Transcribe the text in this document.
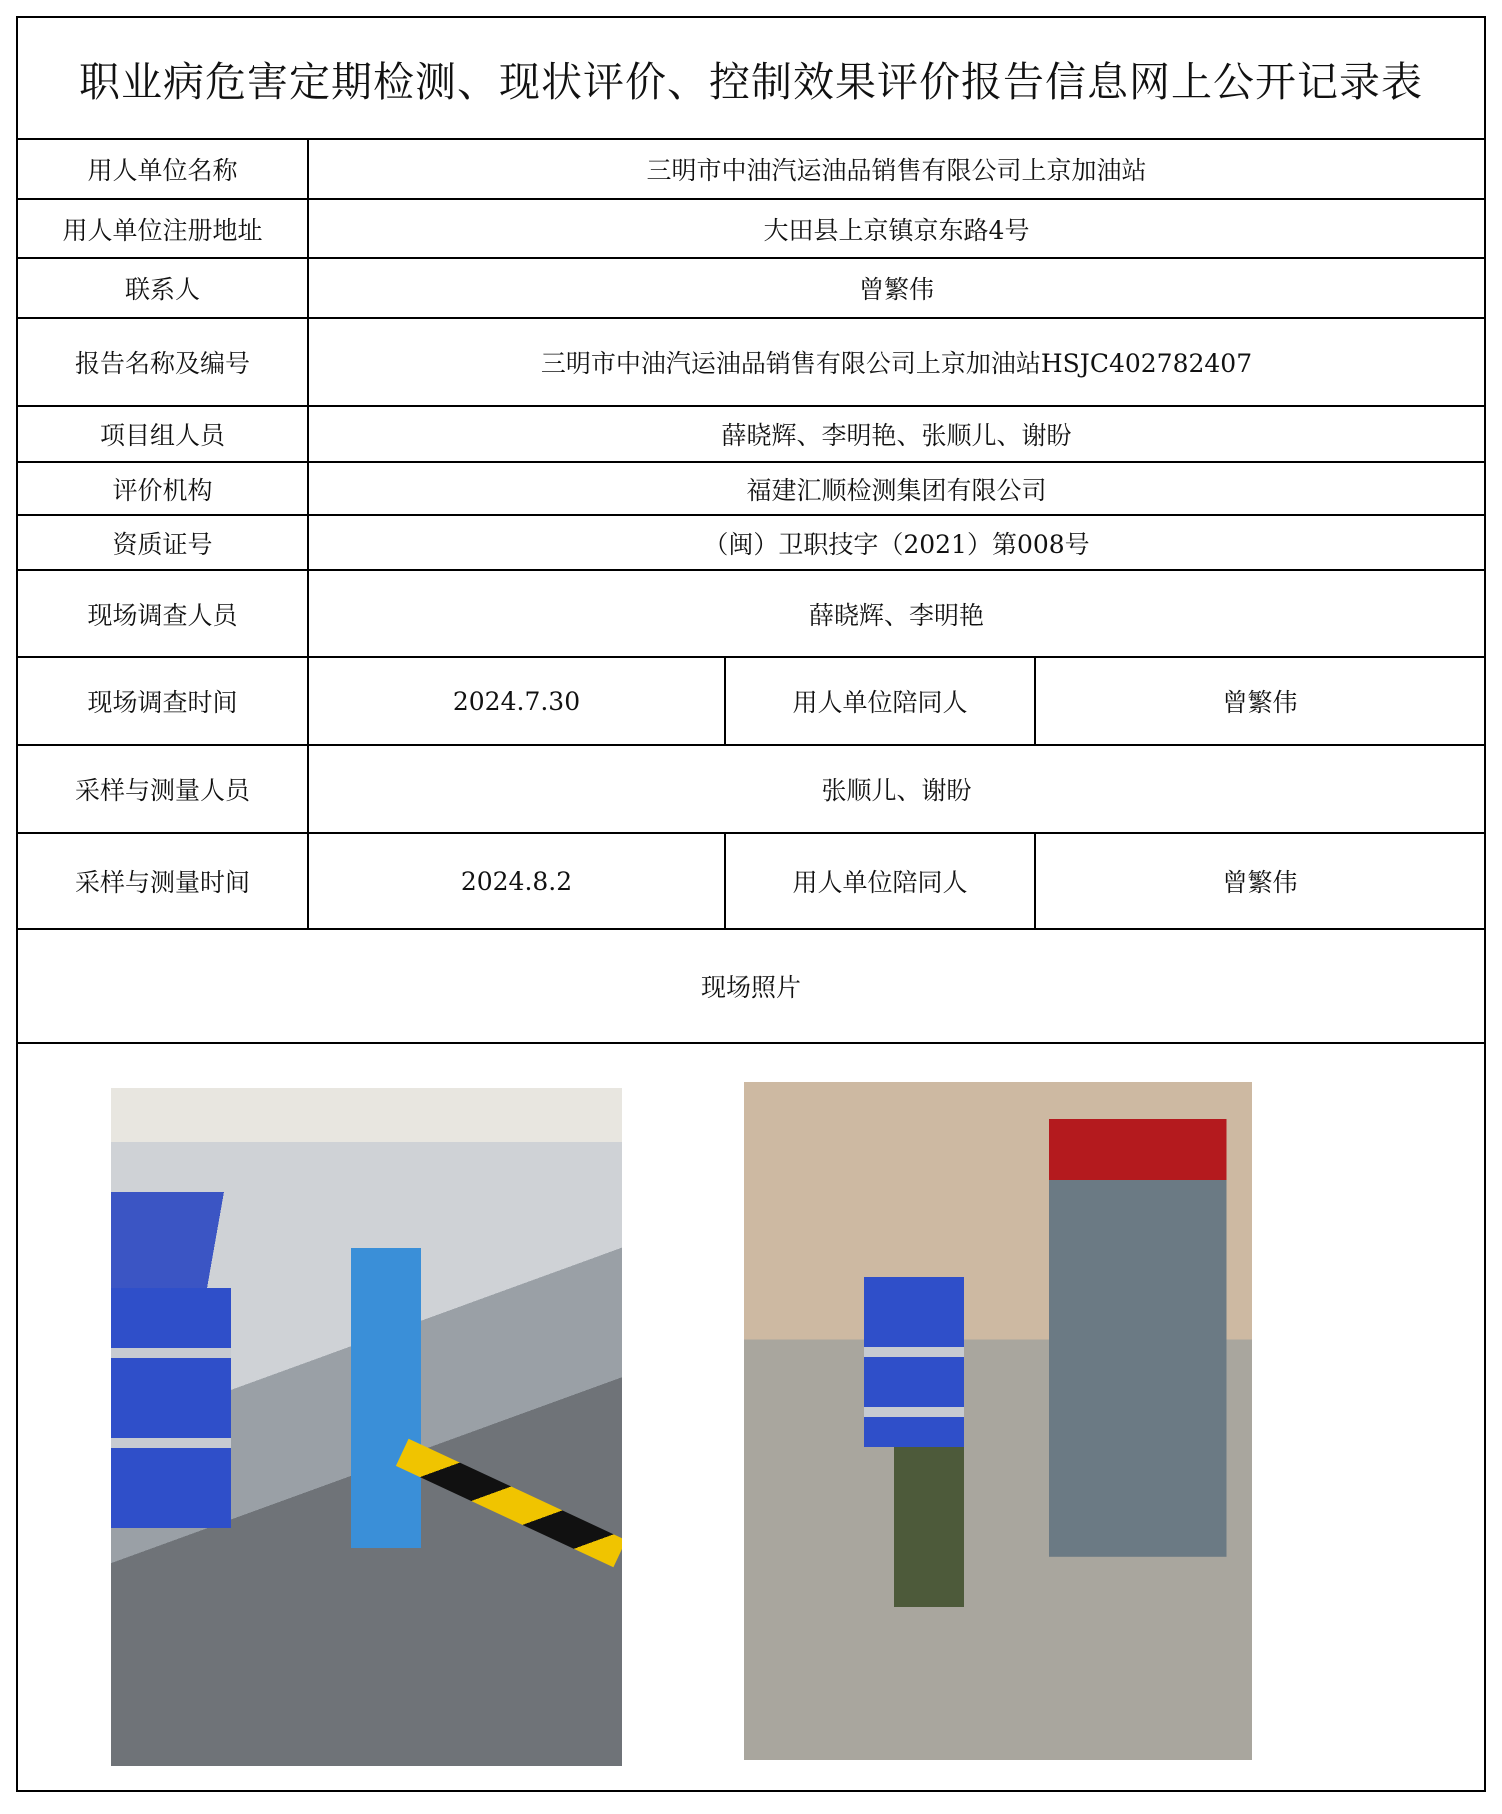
职业病危害定期检测、现状评价、控制效果评价报告信息网上公开记录表			
用人单位名称	三明市中油汽运油品销售有限公司上京加油站		
用人单位注册地址	大田县上京镇京东路4号		
联系人	曾繁伟		
报告名称及编号	三明市中油汽运油品销售有限公司上京加油站HSJC402782407		
项目组人员	薛晓辉、李明艳、张顺儿、谢盼		
评价机构	福建汇顺检测集团有限公司		
资质证号	（闽）卫职技字（2021）第008号		
现场调查人员	薛晓辉、李明艳		
现场调查时间	2024.7.30	用人单位陪同人	曾繁伟
采样与测量人员	张顺儿、谢盼		
采样与测量时间	2024.8.2	用人单位陪同人	曾繁伟
现场照片			
